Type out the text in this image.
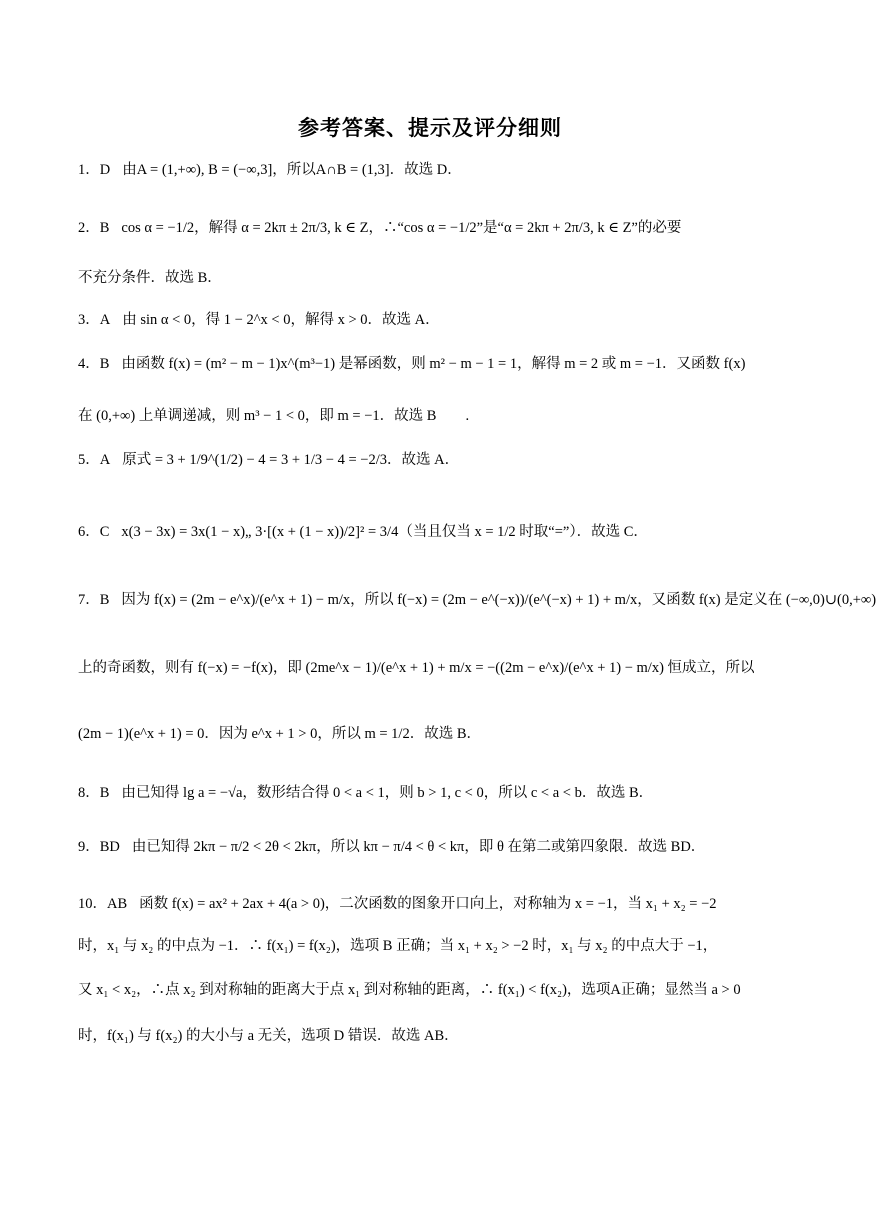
参考答案、提示及评分细则
1．D 由A = (1,+∞), B = (−∞,3]，所以A∩B = (1,3]．故选 D．
2．B cos α = −1/2，解得 α = 2kπ ± 2π/3, k ∈ Z，∴“cos α = −1/2”是“α = 2kπ + 2π/3, k ∈ Z”的必要
不充分条件．故选 B．
3．A 由 sin α < 0，得 1 − 2^x < 0，解得 x > 0．故选 A．
4．B 由函数 f(x) = (m² − m − 1)x^(m³−1) 是幂函数，则 m² − m − 1 = 1，解得 m = 2 或 m = −1．又函数 f(x)
在 (0,+∞) 上单调递减，则 m³ − 1 < 0，即 m = −1．故选 B　　.
5．A 原式 = 3 + 1/9^(1/2) − 4 = 3 + 1/3 − 4 = −2/3．故选 A．
6．C x(3 − 3x) = 3x(1 − x)„ 3·[(x + (1 − x))/2]² = 3/4（当且仅当 x = 1/2 时取“=”）．故选 C．
7．B 因为 f(x) = (2m − e^x)/(e^x + 1) − m/x，所以 f(−x) = (2m − e^(−x))/(e^(−x) + 1) + m/x，又函数 f(x) 是定义在 (−∞,0)∪(0,+∞)
上的奇函数，则有 f(−x) = −f(x)，即 (2me^x − 1)/(e^x + 1) + m/x = −((2m − e^x)/(e^x + 1) − m/x) 恒成立，所以
(2m − 1)(e^x + 1) = 0．因为 e^x + 1 > 0，所以 m = 1/2．故选 B．
8．B 由已知得 lg a = −√a，数形结合得 0 < a < 1，则 b > 1, c < 0，所以 c < a < b．故选 B．
9．BD 由已知得 2kπ − π/2 < 2θ < 2kπ，所以 kπ − π/4 < θ < kπ，即 θ 在第二或第四象限．故选 BD．
10．AB 函数 f(x) = ax² + 2ax + 4(a > 0)，二次函数的图象开口向上，对称轴为 x = −1，当 x₁ + x₂ = −2
时，x₁ 与 x₂ 的中点为 −1．∴ f(x₁) = f(x₂)，选项 B 正确；当 x₁ + x₂ > −2 时，x₁ 与 x₂ 的中点大于 −1，
又 x₁ < x₂，∴点 x₂ 到对称轴的距离大于点 x₁ 到对称轴的距离，∴ f(x₁) < f(x₂)，选项A正确；显然当 a > 0
时，f(x₁) 与 f(x₂) 的大小与 a 无关，选项 D 错误．故选 AB．
